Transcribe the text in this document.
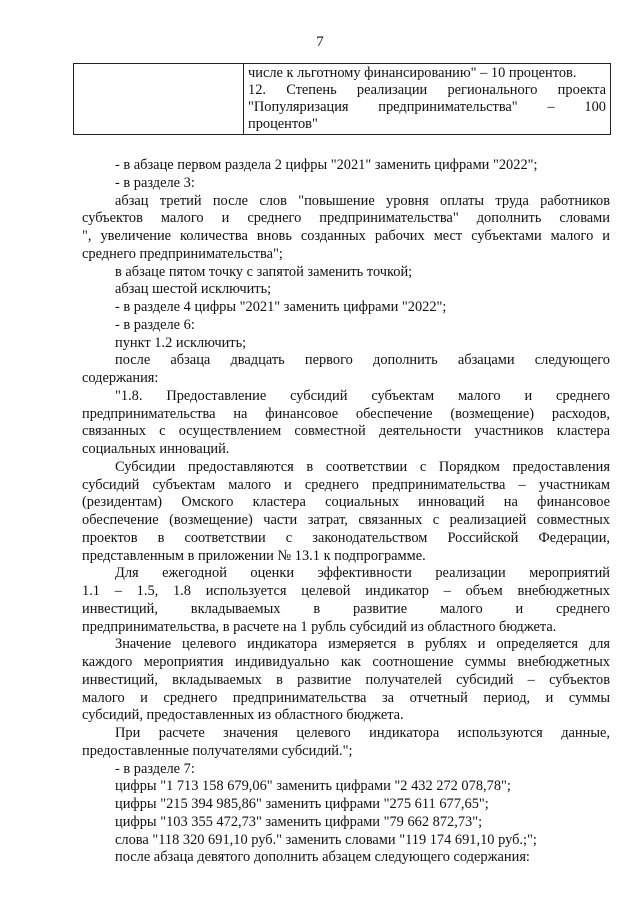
7

числе к льготному финансированию" – 10 процентов.
12. Степень реализации регионального проекта
"Популяризация предпринимательства" – 100
процентов"

- в абзаце первом раздела 2 цифры "2021" заменить цифрами "2022";

- в разделе 3:

абзац третий после слов "повышение уровня оплаты труда работников

субъектов малого и среднего предпринимательства" дополнить словами

", увеличение количества вновь созданных рабочих мест субъектами малого и

среднего предпринимательства";

в абзаце пятом точку с запятой заменить точкой;

абзац шестой исключить;

- в разделе 4 цифры "2021" заменить цифрами "2022";

- в разделе 6:

пункт 1.2 исключить;

после абзаца двадцать первого дополнить абзацами следующего

содержания:

"1.8. Предоставление субсидий субъектам малого и среднего

предпринимательства на финансовое обеспечение (возмещение) расходов,

связанных с осуществлением совместной деятельности участников кластера

социальных инноваций.

Субсидии предоставляются в соответствии с Порядком предоставления

субсидий субъектам малого и среднего предпринимательства – участникам

(резидентам) Омского кластера социальных инноваций на финансовое

обеспечение (возмещение) части затрат, связанных с реализацией совместных

проектов в соответствии с законодательством Российской Федерации,

представленным в приложении № 13.1 к подпрограмме.

Для ежегодной оценки эффективности реализации мероприятий

1.1 – 1.5, 1.8 используется целевой индикатор – объем внебюджетных

инвестиций, вкладываемых в развитие малого и среднего

предпринимательства, в расчете на 1 рубль субсидий из областного бюджета.

Значение целевого индикатора измеряется в рублях и определяется для

каждого мероприятия индивидуально как соотношение суммы внебюджетных

инвестиций, вкладываемых в развитие получателей субсидий – субъектов

малого и среднего предпринимательства за отчетный период, и суммы

субсидий, предоставленных из областного бюджета.

При расчете значения целевого индикатора используются данные,

предоставленные получателями субсидий.";

- в разделе 7:

цифры "1 713 158 679,06" заменить цифрами "2 432 272 078,78";

цифры "215 394 985,86" заменить цифрами "275 611 677,65";

цифры "103 355 472,73" заменить цифрами "79 662 872,73";

слова "118 320 691,10 руб." заменить словами "119 174 691,10 руб.;";

после абзаца девятого дополнить абзацем следующего содержания:
